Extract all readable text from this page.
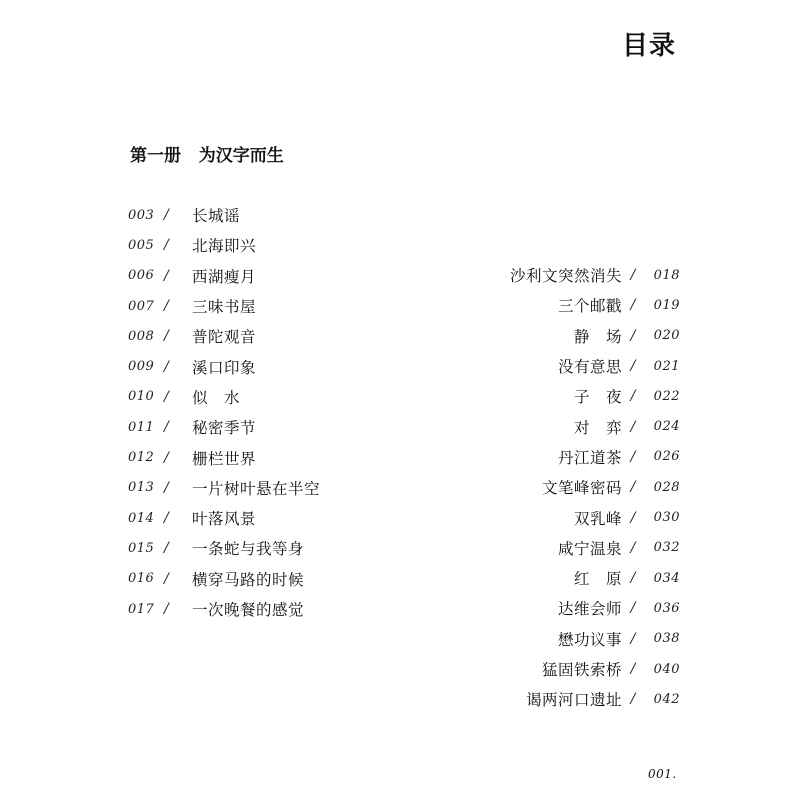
目录
第一册 为汉字而生
003 /	长城谣
005 /	北海即兴
006 /	西湖瘦月
007 /	三味书屋
008 /	普陀观音
009 /	溪口印象
010 /	似　水
011 /	秘密季节
012 /	栅栏世界
013 /	一片树叶悬在半空
014 /	叶落风景
015 /	一条蛇与我等身
016 /	横穿马路的时候
017 /	一次晚餐的感觉
沙利文突然消失 /	018
三个邮戳 /	019
静　场 /	020
没有意思 /	021
子　夜 /	022
对　弈 /	024
丹江道茶 /	026
文笔峰密码 /	028
双乳峰 /	030
咸宁温泉 /	032
红　原 /	034
达维会师 /	036
懋功议事 /	038
猛固铁索桥 /	040
谒两河口遗址 /	042
001.
